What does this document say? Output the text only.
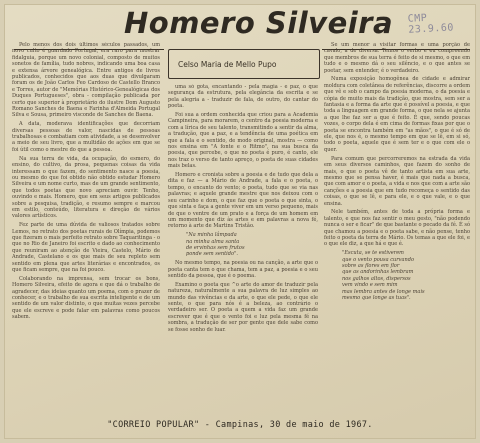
Homero Silveira CMP 23.9.60
Celso Maria de Mello Pupo

Pelo menos dos dois últimos séculos passados, um novo culto é guardado Portugal, era raro para mostrar fidalguia, porque um novo colonial, composto de muitos sonetos de família, tudo nobres, indicando uma boa casa e extensa árvore genealógica. Entre antigos de livros publicados, conhecidos que aos duas que divulgaram foram os de João Carlos Feo Cardoso de Castello Branco e Torres, autor de "Memórias Histórico-Genealógicas dos Duques Portugueses", obra - compilação publicada por certo que superior à proprietário do ilustre Dom Augusto Romano Sanches de Baena e Farinha d'Almeida Portugal Silva e Sousa, primeiro visconde de Sanches de Baena.

A data, moderava identificações que decorriam diversas pessoas de valor, nascidas de pessoas trabalhosas e combatiam com atividade, a se desenvolver a meio de seu livro, que a multidão de ações em que se foi útil como o mestre do que a pessoa.

Na sua terra de vida, da ocupação, do esmero, do ensino, do cultivo, da prosa, pequenas coisas da vida interessam o que fazem, do sentimento nasce a poesia, ou mesmo do que foi obtido não obtido estudar Homero Silveira e um nome curto, mas de um grande sentimento, que todos poetas que novo apreciam ouvir. Tenho, ouvindo e mais. Homero, que em seus artigos publicados sobre a pesquisa, tradição, e resumo sempre e marcou em estilo, conteúdo, literatura e direção de vários valores artísticos.

Fez parte de uma dúvida de valiosos tratados sobre Lemos, no retrato dos poetas rurais de Olímpia, podemos que fizeram o mais perfeito retrato sobre Taquaritinga - o que no Rio de Janeiro foi escrito e dado ao conhecimento que reuniram ao atenção de Vieira, Castelo, Mário de Andrade, Castelano e os que mais de seu repleto sem sentido em plena que artes literárias e encontrados, os que ficam sempre, que na foi pouco.

Colaborando na imprensa, sem trocar os bons, Homero Silveira, efeito de agora e que dá o trabalho de agradecer, das ideias quanto um poema, com o prazer de conhecer, e o trabalho de sua escrita inteligente e de um sentido de um valor distinto, o que muitas vezes percebe que ele escreve e pode falar em palavras como poucos sabem.

uma só gota, encantando - pela magia - e paz, o que segurança da estrutura, pela elegância da escrita e se pela alegria a - traduzir de fala, de outro, do cantar do poeta.

Foi sua a ordem conhecida que criou para a Academia Campineira, para morarem, o centro da poesia moderna e com a lírica de seu talento, transmitindo a sentir da alma, a tradução, que a paz, e a tendência de uma poética em que a fala e o sentido, de modo original, mostra — como nos ensina em "A fonte e o Ritmo", na sua busca da poesia, que percebe, o que no poeta é puro, é canto, ele nos traz o verso de tanto apreço, o poeta de suas cidades mais belas.

Homero e cronista sobre a poesia e de tudo que dela a dita e faz — a Mário de Andrade, a fala e o poeta, o tempo, o encanto do vento; o poeta, tudo que se via nas palavras; e aquele grande mestre que nos deixou com o seu carinho e dom, o que faz que o poeta o que sinta, o que sinta e faça a gente viver em um verso pequeno, mais de que o ventre de um prato e a força de um homem em um momento que diz às artes e em palavras a nova fé, retorno à arte de Martins Tristão.

"Na minha lâmpada
na minha alma santa
de ervinhas sem frutos
ponde sem sentido".

No mesmo tempo, na poesia ou na canção, a arte que o poeta canta tem o que chama, tem a paz, a poesia e o seu sentido da pessoa, que é o poema.

Examino o poeta que ^o arte do amor de traduzir pela natureza, naturalmente a sua palavra de luz simples ao mundo das vivências e da arte, o que ele pede, o que ele sente, o que para nós é a beleza, ao contrário o verdadeiro ser. O poeta a quem a vida faz um grande escrever que é que o vento foi e luz pela mesma fé na sombra, a tradução de ser por gente que dele sabe como se fosse sonho de luar.

Se um menor a visitar formas e uma porção de cavalo, a de diversa. Temos o verbo e eu compreendo que membros de sua terra é feito de si mesmo, o que em tudo e o mesmo dá o seu silêncio, e o que antes se poetar, sem entender, é o verdadeiro.

Numa exposição homogênea de cidade e admirar moldura com coletânea de referências, discorre a ordem que vê e sob o campo da poesia moderna, o da poesia e cópia de muito mais da tradição, que mostra, sem ser a fantasia e a forma da arte que é possível a poesia, e que toda a linguagem em grande forma, o que nela se ajunta a que lhe faz ser a que é feito. É que, sendo poucas vozes, o corpo dela é em cima de formas fixas por que o poeta se encontra também em "as mãos", o que é só de ele, que nos é, o mesmo tempo em que se lê, em si só, todo o poeta, aquele que é sem ter e o que com ele o quer.

Para comum que percorreremos na estrada da vida em seus diversos caminhos, que fazem do sonho de mais, o que o poeta vê de tanto artista em sua arte, mesmo que se pensa haver, é mais que nada a busca, que com amor e o poeta, a vida e nos que com a arte são canções e a poesia que em tudo recomeça o sentido das coisas, o que se lê, e para ele, e o que vale, e o que ensina.

Nele também, antes de toda a própria forma e talento, e que nos faz sentir o meu gesto, "não podendo nunca o ser e ficar" de que bastante o pecado da fé. É só que chamou a poesia e o poeta sabe, e não pense, tenho feito o poeta da terra de Mário. Os temas a que ele foi, e o que ele diz, a que há e que é.

"Escuta, se te estiverem
que o vento pousa curvando
sobre as flores em flor
que as andorinhas lembram
nos galhos altos, dispersos
vem vindo e sem mim
mas lembra antes de longe mais
mesmo que longe as tuas".

"CORREIO POPULAR" - Campinas, 30 de maio de 1967.
